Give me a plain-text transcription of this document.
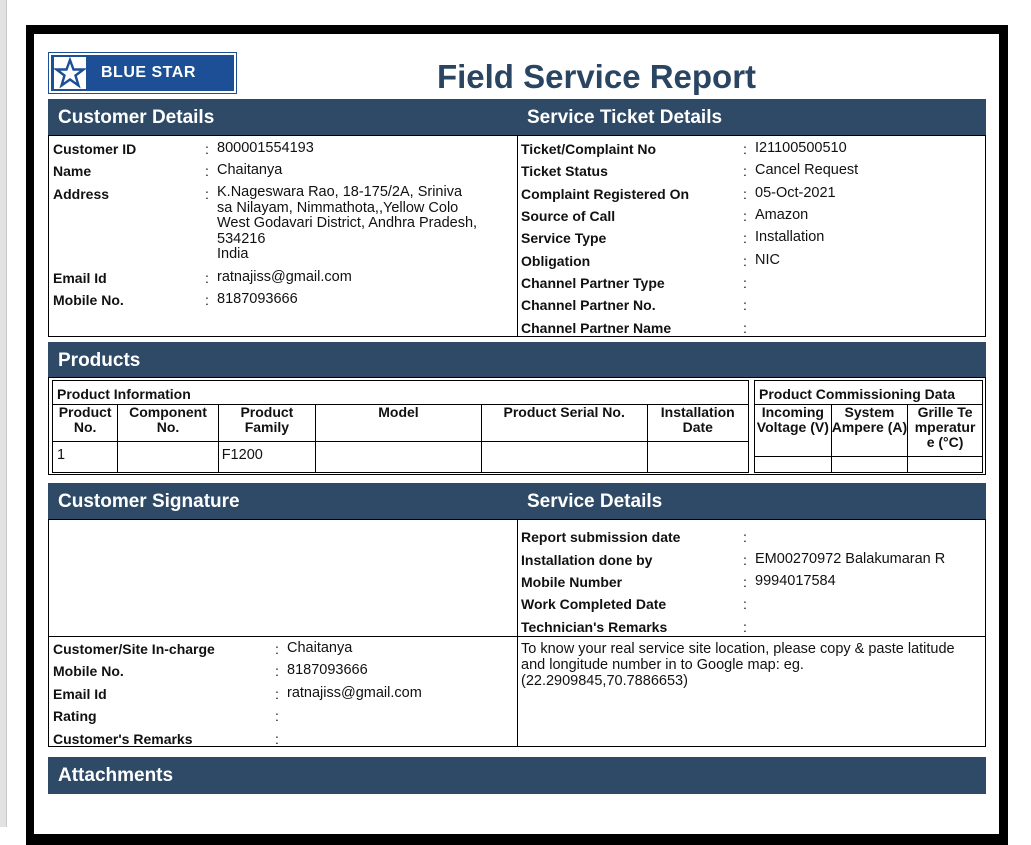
BLUE STAR	Field Service Report
Customer Details	Service Ticket Details
Customer ID	: 800001554193
Name	: Chaitanya
Address	: K.Nageswara Rao, 18-175/2A, Sriniva
sa Nilayam, Nimmathota,,Yellow Colo
West Godavari District, Andhra Pradesh,
534216
India
Email Id	: ratnajiss@gmail.com
Mobile No.	: 8187093666
Ticket/Complaint No	: I21100500510
Ticket Status	: Cancel Request
Complaint Registered On	: 05-Oct-2021
Source of Call	: Amazon
Service Type	: Installation
Obligation	: NIC
Channel Partner Type	:
Channel Partner No.	:
Channel Partner Name	:
Products
Product Information					
Product No.	Component No.	Product Family	Model	Product Serial No.	Installation Date
1		F1200			
Product Commissioning Data		
Incoming Voltage (V)	System Ampere (A)	Grille Temperature (°C)

Customer Signature	Service Details
Report submission date	:
Installation done by	: EM00270972 Balakumaran R
Mobile Number	: 9994017584
Work Completed Date	:
Technician's Remarks	:
Customer/Site In-charge	: Chaitanya
Mobile No.	: 8187093666
Email Id	: ratnajiss@gmail.com
Rating	:
Customer's Remarks	:
To know your real service site location, please copy & paste latitude and longitude number in to Google map: eg. (22.2909845,70.7886653)
Attachments
